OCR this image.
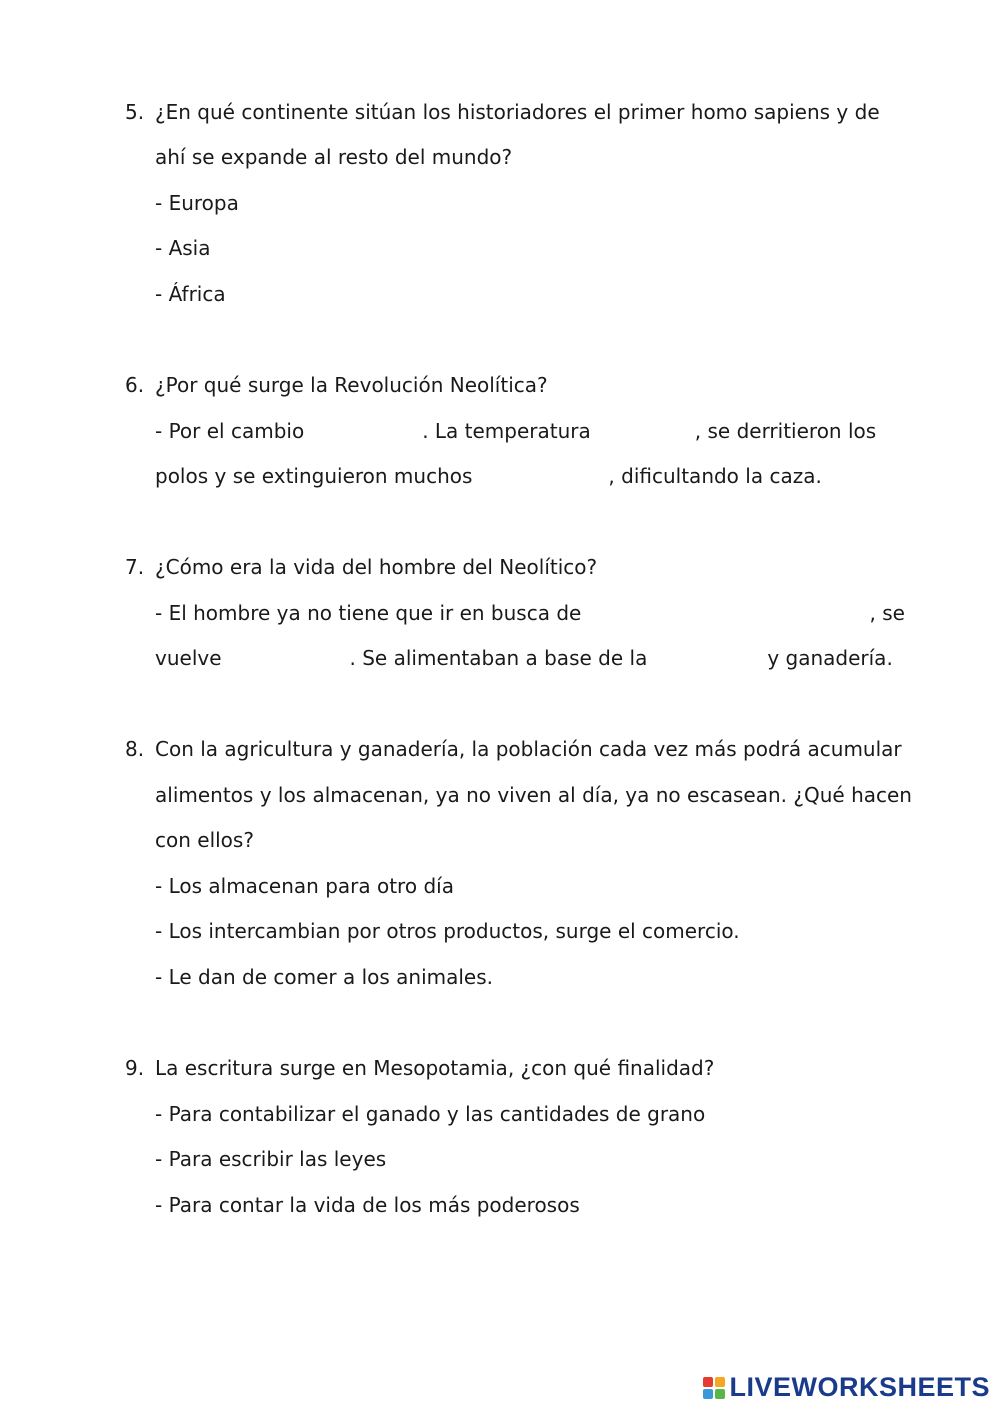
5. ¿En qué continente sitúan los historiadores el primer homo sapiens y de
ahí se expande al resto del mundo?
- Europa
- Asia
- África
6. ¿Por qué surge la Revolución Neolítica?
- Por el cambio	. La temperatura	, se derritieron los
polos y se extinguieron muchos	, dificultando la caza.
7. ¿Cómo era la vida del hombre del Neolítico?
- El hombre ya no tiene que ir en busca de	, se
vuelve	. Se alimentaban a base de la	y ganadería.
8. Con la agricultura y ganadería, la población cada vez más podrá acumular
alimentos y los almacenan, ya no viven al día, ya no escasean. ¿Qué hacen
con ellos?
- Los almacenan para otro día
- Los intercambian por otros productos, surge el comercio.
- Le dan de comer a los animales.
9. La escritura surge en Mesopotamia, ¿con qué finalidad?
- Para contabilizar el ganado y las cantidades de grano
- Para escribir las leyes
- Para contar la vida de los más poderosos
LIVEWORKSHEETS
